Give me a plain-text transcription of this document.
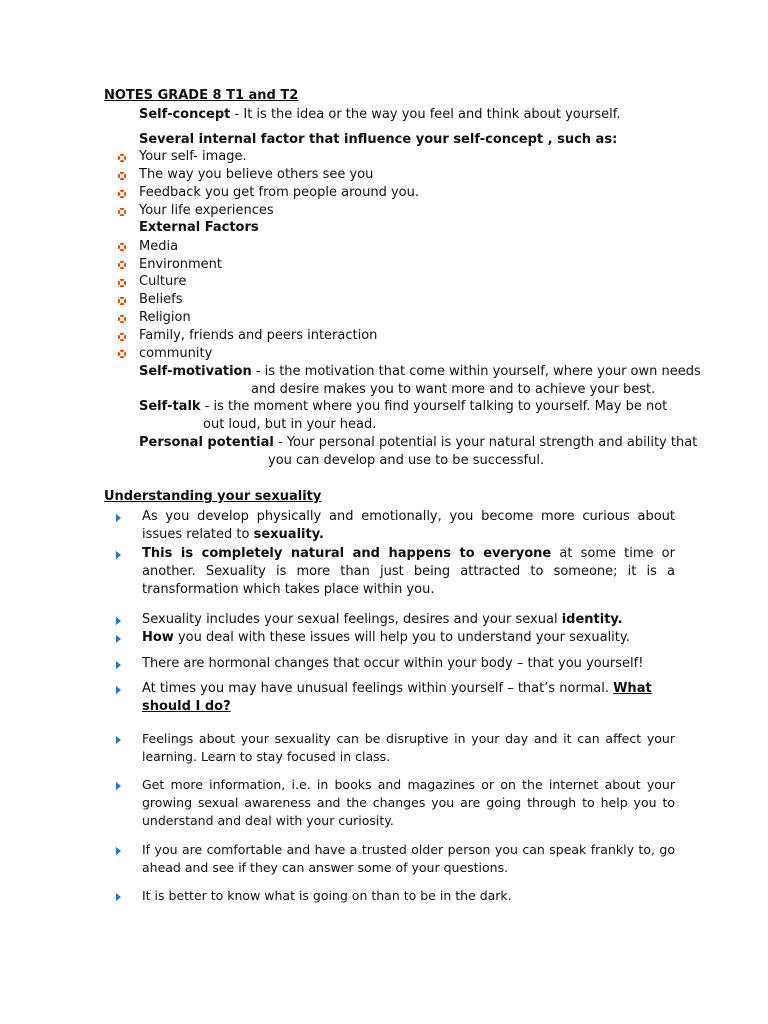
NOTES GRADE 8 T1 and T2
Self-concept - It is the idea or the way you feel and think about yourself.
Several internal factor that influence your self-concept , such as:
Your self- image.
The way you believe others see you
Feedback you get from people around you.
Your life experiences
External Factors
Media
Environment
Culture
Beliefs
Religion
Family, friends and peers interaction
community
Self-motivation - is the motivation that come within yourself, where your own needs
and desire makes you to want more and to achieve your best.
Self-talk - is the moment where you find yourself talking to yourself. May be not
out loud, but in your head.
Personal potential - Your personal potential is your natural strength and ability that
you can develop and use to be successful.
Understanding your sexuality
As you develop physically and emotionally, you become more curious about issues related to sexuality.
This is completely natural and happens to everyone at some time or another. Sexuality is more than just being attracted to someone; it is a transformation which takes place within you.
Sexuality includes your sexual feelings, desires and your sexual identity.
How you deal with these issues will help you to understand your sexuality.
There are hormonal changes that occur within your body – that you yourself!
At times you may have unusual feelings within yourself – that’s normal. What should I do?
Feelings about your sexuality can be disruptive in your day and it can affect your learning. Learn to stay focused in class.
Get more information, i.e. in books and magazines or on the internet about your growing sexual awareness and the changes you are going through to help you to understand and deal with your curiosity.
If you are comfortable and have a trusted older person you can speak frankly to, go ahead and see if they can answer some of your questions.
It is better to know what is going on than to be in the dark.
